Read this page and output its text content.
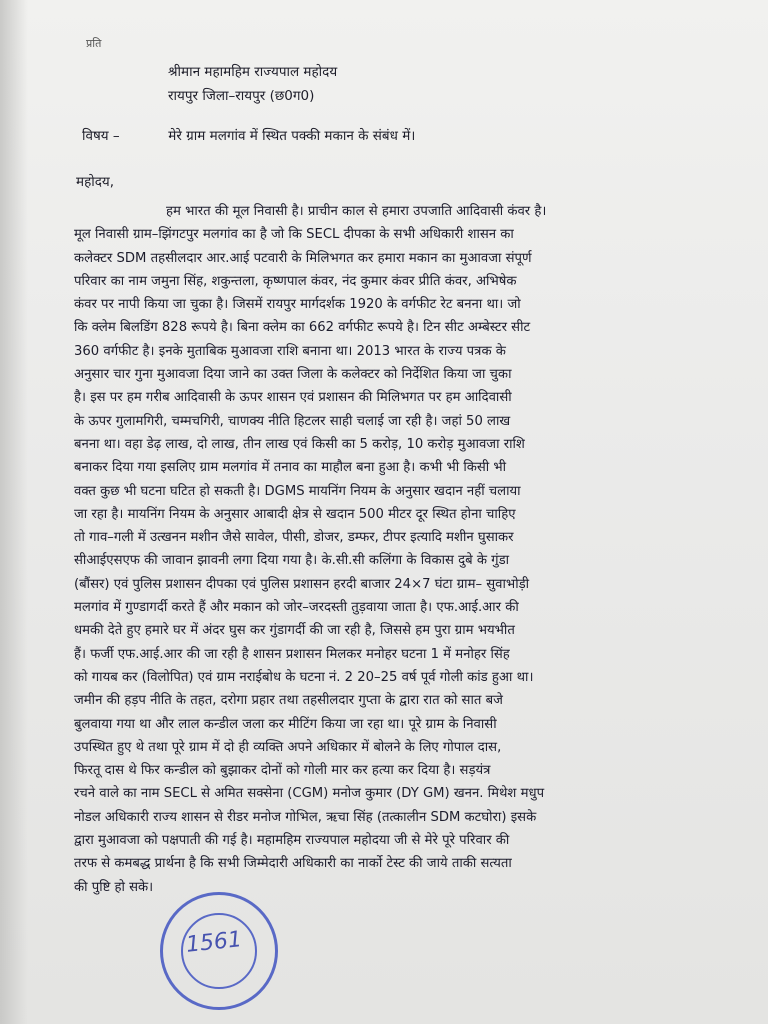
प्रति
श्रीमान महामहिम राज्यपाल महोदय
रायपुर जिला–रायपुर (छ0ग0)
विषय –	मेरे ग्राम मलगांव में स्थित पक्की मकान के संबंध में।
महोदय,
हम भारत की मूल निवासी है। प्राचीन काल से हमारा उपजाति आदिवासी कंवर है।
मूल निवासी ग्राम–झिंगटपुर मलगांव का है जो कि SECL दीपका के सभी अधिकारी शासन का
कलेक्टर SDM तहसीलदार आर.आई पटवारी के मिलिभगत कर हमारा मकान का मुआवजा संपूर्ण
परिवार का नाम जमुना सिंह, शकुन्तला, कृष्णपाल कंवर, नंद कुमार कंवर प्रीति कंवर, अभिषेक
कंवर पर नापी किया जा चुका है। जिसमें रायपुर मार्गदर्शक 1920 के वर्गफीट रेट बनना था। जो
कि क्लेम बिलडिंग 828 रूपये है। बिना क्लेम का 662 वर्गफीट रूपये है। टिन सीट अम्बेस्टर सीट
360 वर्गफीट है। इनके मुताबिक मुआवजा राशि बनाना था। 2013 भारत के राज्य पत्रक के
अनुसार चार गुना मुआवजा दिया जाने का उक्त जिला के कलेक्टर को निर्देशित किया जा चुका
है। इस पर हम गरीब आदिवासी के ऊपर शासन एवं प्रशासन की मिलिभगत पर हम आदिवासी
के ऊपर गुलामगिरी, चम्मचगिरी, चाणक्य नीति हिटलर साही चलाई जा रही है। जहां 50 लाख
बनना था। वहा डेढ़ लाख, दो लाख, तीन लाख एवं किसी का 5 करोड़, 10 करोड़ मुआवजा राशि
बनाकर दिया गया इसलिए ग्राम मलगांव में तनाव का माहौल बना हुआ है। कभी भी किसी भी
वक्त कुछ भी घटना घटित हो सकती है। DGMS मायनिंग नियम के अनुसार खदान नहीं चलाया
जा रहा है। मायनिंग नियम के अनुसार आबादी क्षेत्र से खदान 500 मीटर दूर स्थित होना चाहिए
तो गाव–गली में उत्खनन मशीन जैसे सावेल, पीसी, डोजर, डम्फर, टीपर इत्यादि मशीन घुसाकर
सीआईएसएफ की जावान झावनी लगा दिया गया है। के.सी.सी कलिंगा के विकास दुबे के गुंडा
(बौंसर) एवं पुलिस प्रशासन दीपका एवं पुलिस प्रशासन हरदी बाजार 24×7 घंटा ग्राम– सुवाभोड़ी
मलगांव में गुण्डागर्दी करते हैं और मकान को जोर–जरदस्ती तुड़वाया जाता है। एफ.आई.आर की
धमकी देते हुए हमारे घर में अंदर घुस कर गुंडागर्दी की जा रही है, जिससे हम पुरा ग्राम भयभीत
हैं। फर्जी एफ.आई.आर की जा रही है शासन प्रशासन मिलकर मनोहर घटना 1 में मनोहर सिंह
को गायब कर (विलोपित) एवं ग्राम नराईबोध के घटना नं. 2 20–25 वर्ष पूर्व गोली कांड हुआ था।
जमीन की हड़प नीति के तहत, दरोगा प्रहार तथा तहसीलदार गुप्ता के द्वारा रात को सात बजे
बुलवाया गया था और लाल कन्डील जला कर मीटिंग किया जा रहा था। पूरे ग्राम के निवासी
उपस्थित हुए थे तथा पूरे ग्राम में दो ही व्यक्ति अपने अधिकार में बोलने के लिए गोपाल दास,
फिरतू दास थे फिर कन्डील को बुझाकर दोनों को गोली मार कर हत्या कर दिया है। सड़यंत्र
रचने वाले का नाम SECL से अमित सक्सेना (CGM) मनोज कुमार (DY GM) खनन. मिथेश मधुप
नोडल अधिकारी राज्य शासन से रीडर मनोज गोभिल, ऋचा सिंह (तत्कालीन SDM कटघोरा) इसके
द्वारा मुआवजा को पक्षपाती की गई है। महामहिम राज्यपाल महोदया जी से मेरे पूरे परिवार की
तरफ से कमबद्ध प्रार्थना है कि सभी जिम्मेदारी अधिकारी का नार्को टेस्ट की जाये ताकी सत्यता
की पुष्टि हो सके।
1561
